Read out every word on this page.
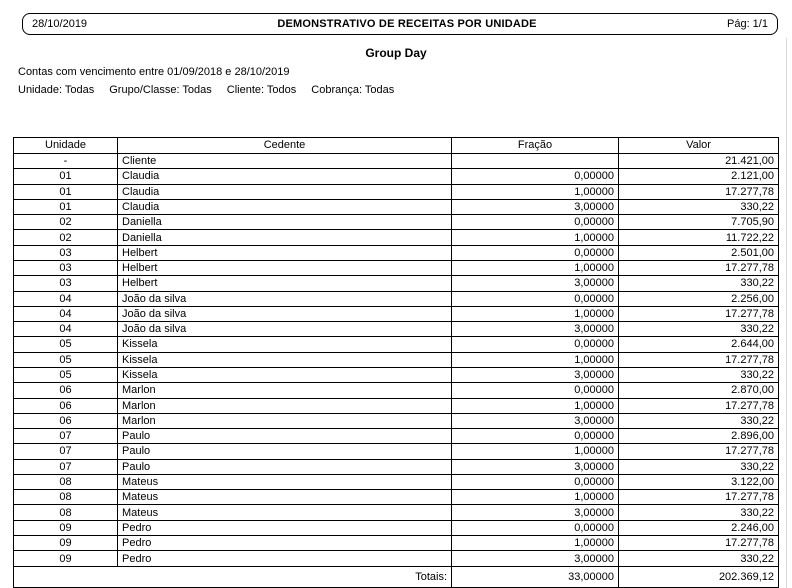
28/10/2019	DEMONSTRATIVO DE RECEITAS POR UNIDADE	Pág: 1/1
Group Day
Contas com vencimento entre 01/09/2018 e 28/10/2019
Unidade: Todas Grupo/Classe: Todas Cliente: Todos Cobrança: Todas
Unidade	Cedente	Fração	Valor
-	Cliente		21.421,00
01	Claudia	0,00000	2.121,00
01	Claudia	1,00000	17.277,78
01	Claudia	3,00000	330,22
02	Daniella	0,00000	7.705,90
02	Daniella	1,00000	11.722,22
03	Helbert	0,00000	2.501,00
03	Helbert	1,00000	17.277,78
03	Helbert	3,00000	330,22
04	João da silva	0,00000	2.256,00
04	João da silva	1,00000	17.277,78
04	João da silva	3,00000	330,22
05	Kissela	0,00000	2.644,00
05	Kissela	1,00000	17.277,78
05	Kissela	3,00000	330,22
06	Marlon	0,00000	2.870,00
06	Marlon	1,00000	17.277,78
06	Marlon	3,00000	330,22
07	Paulo	0,00000	2.896,00
07	Paulo	1,00000	17.277,78
07	Paulo	3,00000	330,22
08	Mateus	0,00000	3.122,00
08	Mateus	1,00000	17.277,78
08	Mateus	3,00000	330,22
09	Pedro	0,00000	2.246,00
09	Pedro	1,00000	17.277,78
09	Pedro	3,00000	330,22
Totais:		33,00000	202.369,12
